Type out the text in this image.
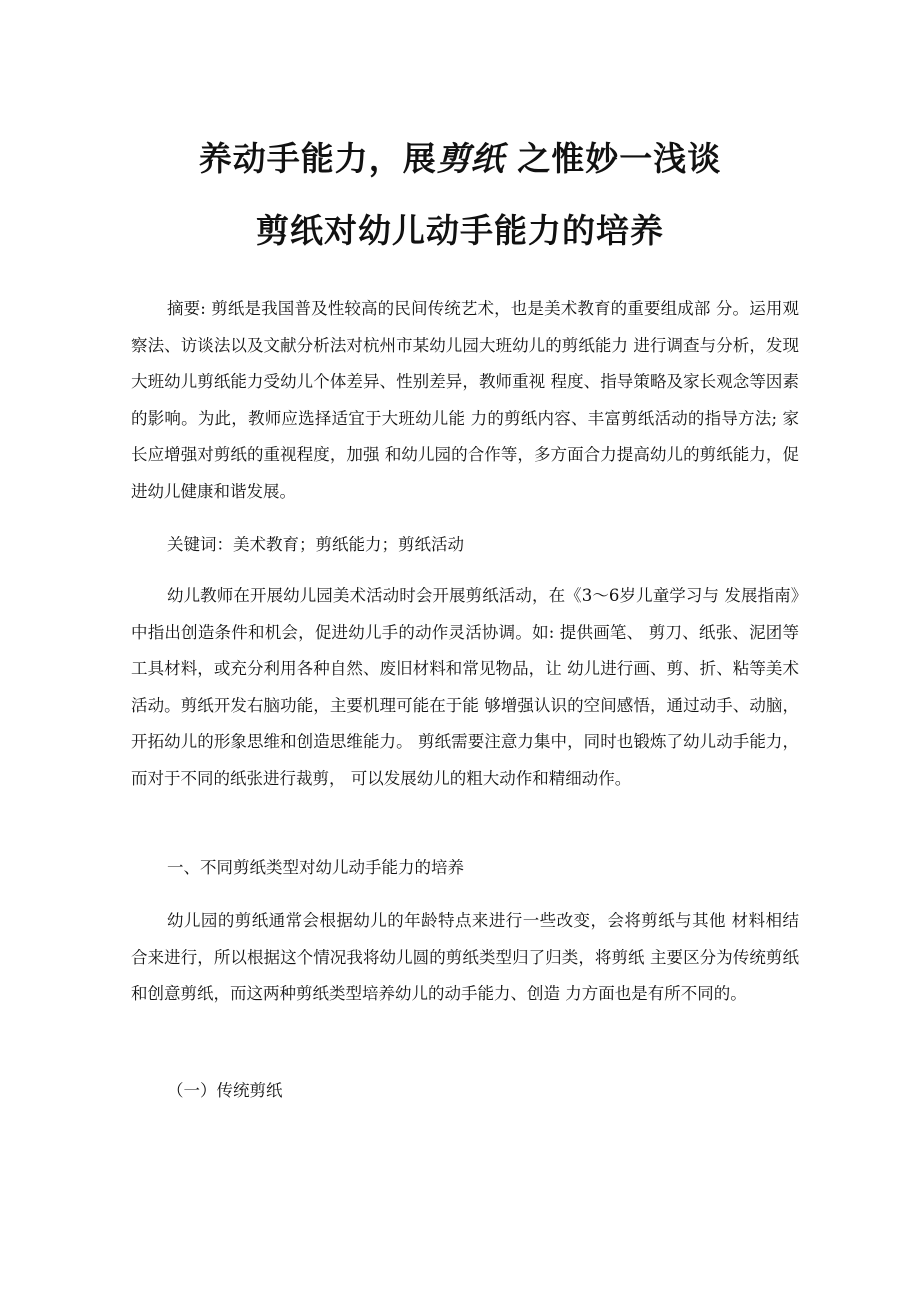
养动手能力，展剪纸 之惟妙一浅谈
剪纸对幼儿动手能力的培养

摘要: 剪纸是我国普及性较高的民间传统艺术，也是美术教育的重要组成部 分。运用观察法、访谈法以及文献分析法对杭州市某幼儿园大班幼儿的剪纸能力 进行调查与分析，发现大班幼儿剪纸能力受幼儿个体差异、性别差异，教师重视 程度、指导策略及家长观念等因素的影响。为此，教师应选择适宜于大班幼儿能 力的剪纸内容、丰富剪纸活动的指导方法; 家长应增强对剪纸的重视程度，加强 和幼儿园的合作等，多方面合力提高幼儿的剪纸能力，促进幼儿健康和谐发展。

关键词：美术教育；剪纸能力；剪纸活动

幼儿教师在开展幼儿园美术活动时会开展剪纸活动，在《3〜6岁儿童学习与 发展指南》中指出创造条件和机会，促进幼儿手的动作灵活协调。如: 提供画笔、 剪刀、纸张、泥团等工具材料，或充分利用各种自然、废旧材料和常见物品，让 幼儿进行画、剪、折、粘等美术活动。剪纸开发右脑功能，主要机理可能在于能 够增强认识的空间感悟，通过动手、动脑，开拓幼儿的形象思维和创造思维能力。 剪纸需要注意力集中，同时也锻炼了幼儿动手能力，而对于不同的纸张进行裁剪， 可以发展幼儿的粗大动作和精细动作。

一、不同剪纸类型对幼儿动手能力的培养

幼儿园的剪纸通常会根据幼儿的年龄特点来进行一些改变，会将剪纸与其他 材料相结合来进行，所以根据这个情况我将幼儿圆的剪纸类型归了归类，将剪纸 主要区分为传统剪纸和创意剪纸，而这两种剪纸类型培养幼儿的动手能力、创造 力方面也是有所不同的。

（一）传统剪纸
